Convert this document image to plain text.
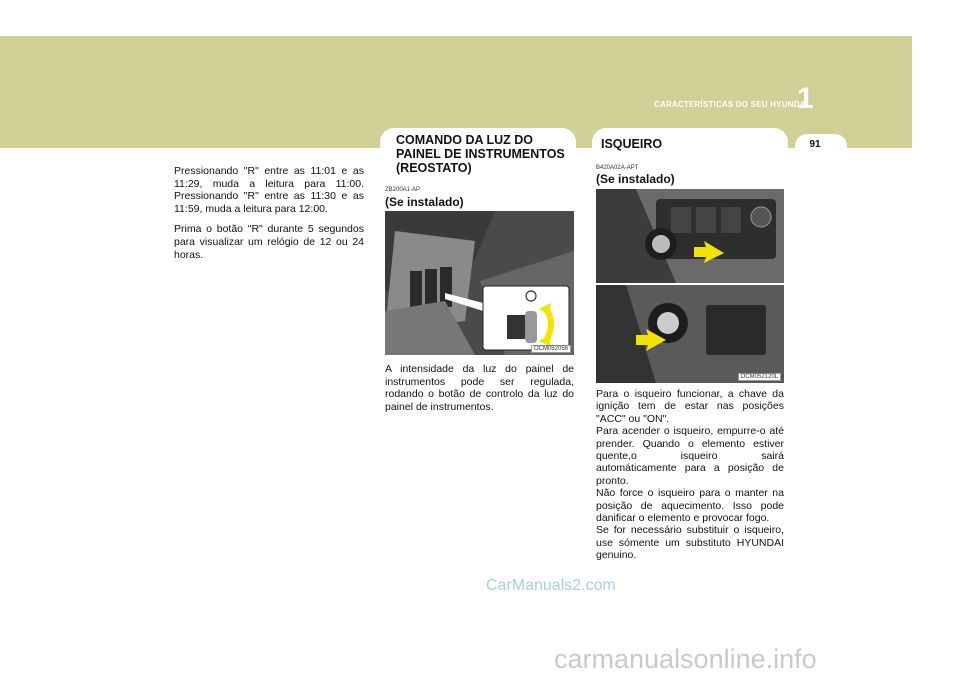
CARACTERÍSTICAS DO SEU HYUNDAI
1
91

Pressionando "R" entre as 11:01 e as 11:29, muda a leitura para 11:00. Pressionando "R" entre as 11:30 e as 11:59, muda a leitura para 12:00.

Prima o botão "R" durante 5 segundos para visualizar um relógio de 12 ou 24 horas.

COMANDO DA LUZ DO PAINEL DE INSTRUMENTOS (REOSTATO)
ZB200A1-AP
(Se instalado)
OCM052056
A intensidade da luz do painel de instrumentos pode ser regulada, rodando o botão de controlo da luz do painel de instrumentos.
ISQUEIRO
B420A02A-APT
(Se instalado)
OCM052120L
Para o isqueiro funcionar, a chave da ignição tem de estar nas posições "ACC" ou "ON".
Para acender o isqueiro, empurre-o até prender. Quando o elemento estiver quente,o isqueiro sairá automáticamente para a posição de pronto.
Não force o isqueiro para o manter na posição de aquecimento. Isso pode danificar o elemento e provocar fogo.
Se for necessário substituir o isqueiro, use sómente um substituto HYUNDAI genuino.
CarManuals2.com
carmanualsonline.info
